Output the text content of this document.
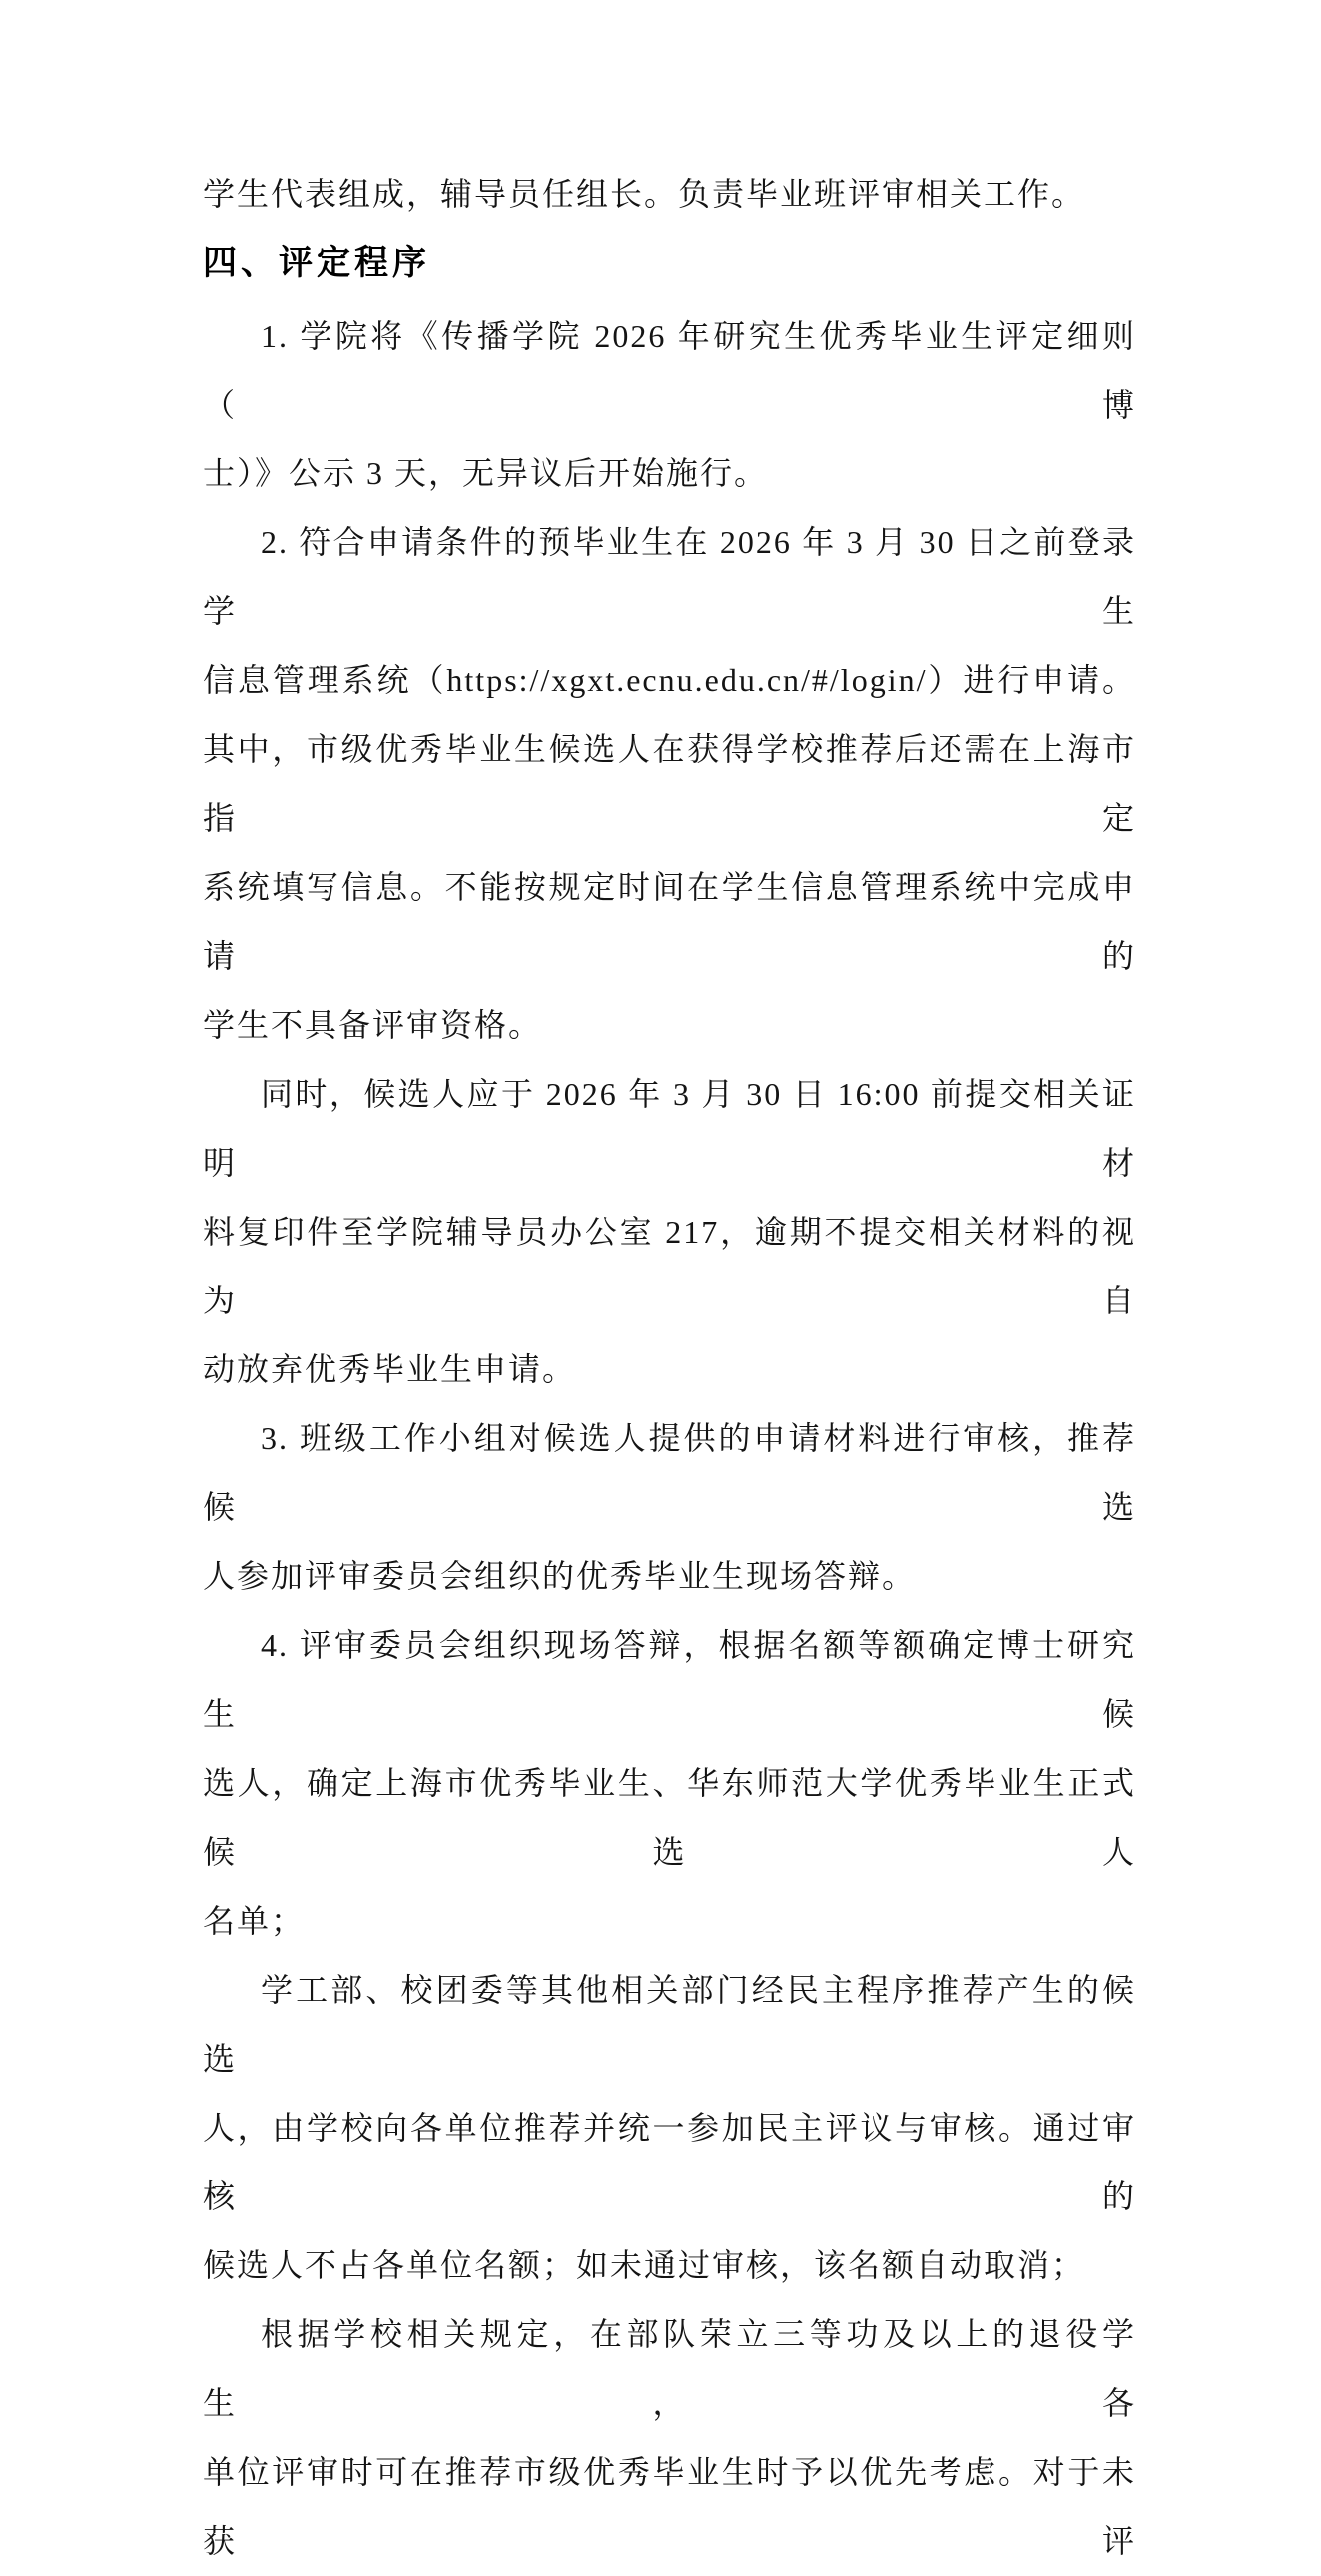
学生代表组成，辅导员任组长。负责毕业班评审相关工作。
四、评定程序
1. 学院将《传播学院 2026 年研究生优秀毕业生评定细则（博
士）》公示 3 天，无异议后开始施行。
2. 符合申请条件的预毕业生在 2026 年 3 月 30 日之前登录学生
信息管理系统（https://xgxt.ecnu.edu.cn/#/login/）进行申请。
其中，市级优秀毕业生候选人在获得学校推荐后还需在上海市指定
系统填写信息。不能按规定时间在学生信息管理系统中完成申请的
学生不具备评审资格。
同时，候选人应于 2026 年 3 月 30 日 16:00 前提交相关证明材
料复印件至学院辅导员办公室 217，逾期不提交相关材料的视为自
动放弃优秀毕业生申请。
3. 班级工作小组对候选人提供的申请材料进行审核，推荐候选
人参加评审委员会组织的优秀毕业生现场答辩。
4. 评审委员会组织现场答辩，根据名额等额确定博士研究生候
选人，确定上海市优秀毕业生、华东师范大学优秀毕业生正式候选人
名单；
学工部、校团委等其他相关部门经民主程序推荐产生的候选
人，由学校向各单位推荐并统一参加民主评议与审核。通过审核的
候选人不占各单位名额；如未通过审核，该名额自动取消；
根据学校相关规定，在部队荣立三等功及以上的退役学生，各
单位评审时可在推荐市级优秀毕业生时予以优先考虑。对于未获评
